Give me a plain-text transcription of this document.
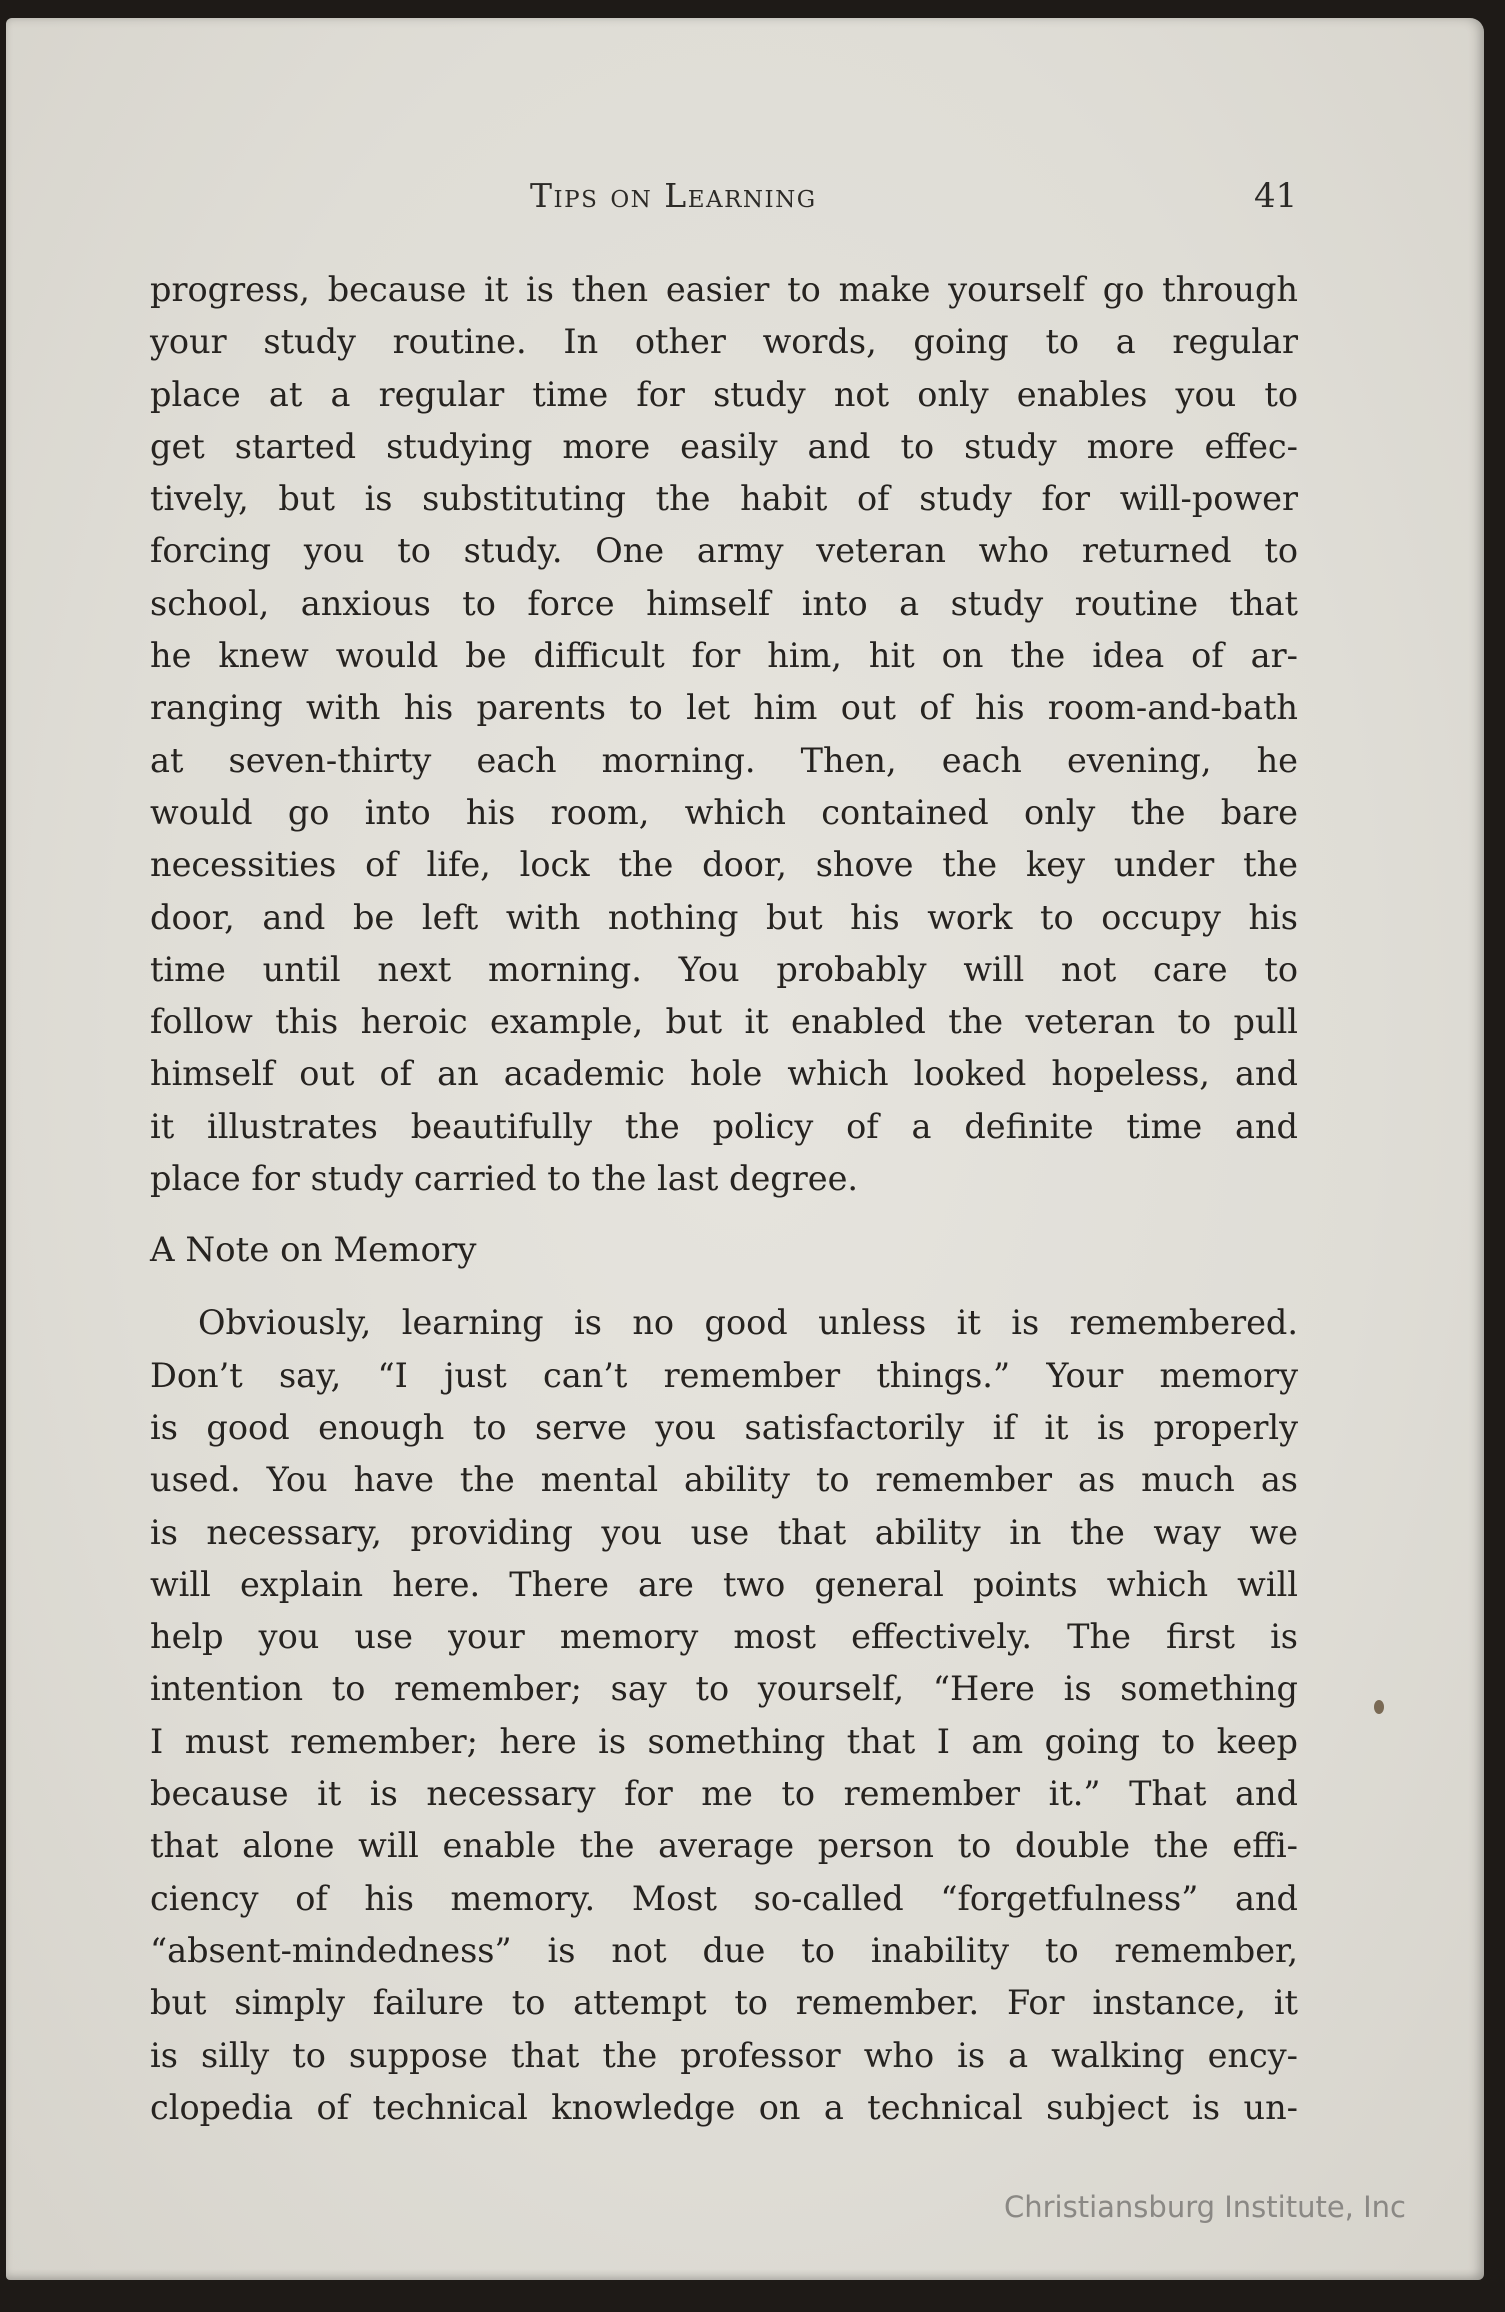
Tips on Learning	41
progress, because it is then easier to make yourself go through
your study routine. In other words, going to a regular
place at a regular time for study not only enables you to
get started studying more easily and to study more effec-
tively, but is substituting the habit of study for will-power
forcing you to study. One army veteran who returned to
school, anxious to force himself into a study routine that
he knew would be difficult for him, hit on the idea of ar-
ranging with his parents to let him out of his room-and-bath
at seven-thirty each morning. Then, each evening, he
would go into his room, which contained only the bare
necessities of life, lock the door, shove the key under the
door, and be left with nothing but his work to occupy his
time until next morning. You probably will not care to
follow this heroic example, but it enabled the veteran to pull
himself out of an academic hole which looked hopeless, and
it illustrates beautifully the policy of a definite time and
place for study carried to the last degree.
A Note on Memory
Obviously, learning is no good unless it is remembered.
Don’t say, “I just can’t remember things.” Your memory
is good enough to serve you satisfactorily if it is properly
used. You have the mental ability to remember as much as
is necessary, providing you use that ability in the way we
will explain here. There are two general points which will
help you use your memory most effectively. The first is
intention to remember; say to yourself, “Here is something
I must remember; here is something that I am going to keep
because it is necessary for me to remember it.” That and
that alone will enable the average person to double the effi-
ciency of his memory. Most so-called “forgetfulness” and
“absent-mindedness” is not due to inability to remember,
but simply failure to attempt to remember. For instance, it
is silly to suppose that the professor who is a walking ency-
clopedia of technical knowledge on a technical subject is un-
Christiansburg Institute, Inc
